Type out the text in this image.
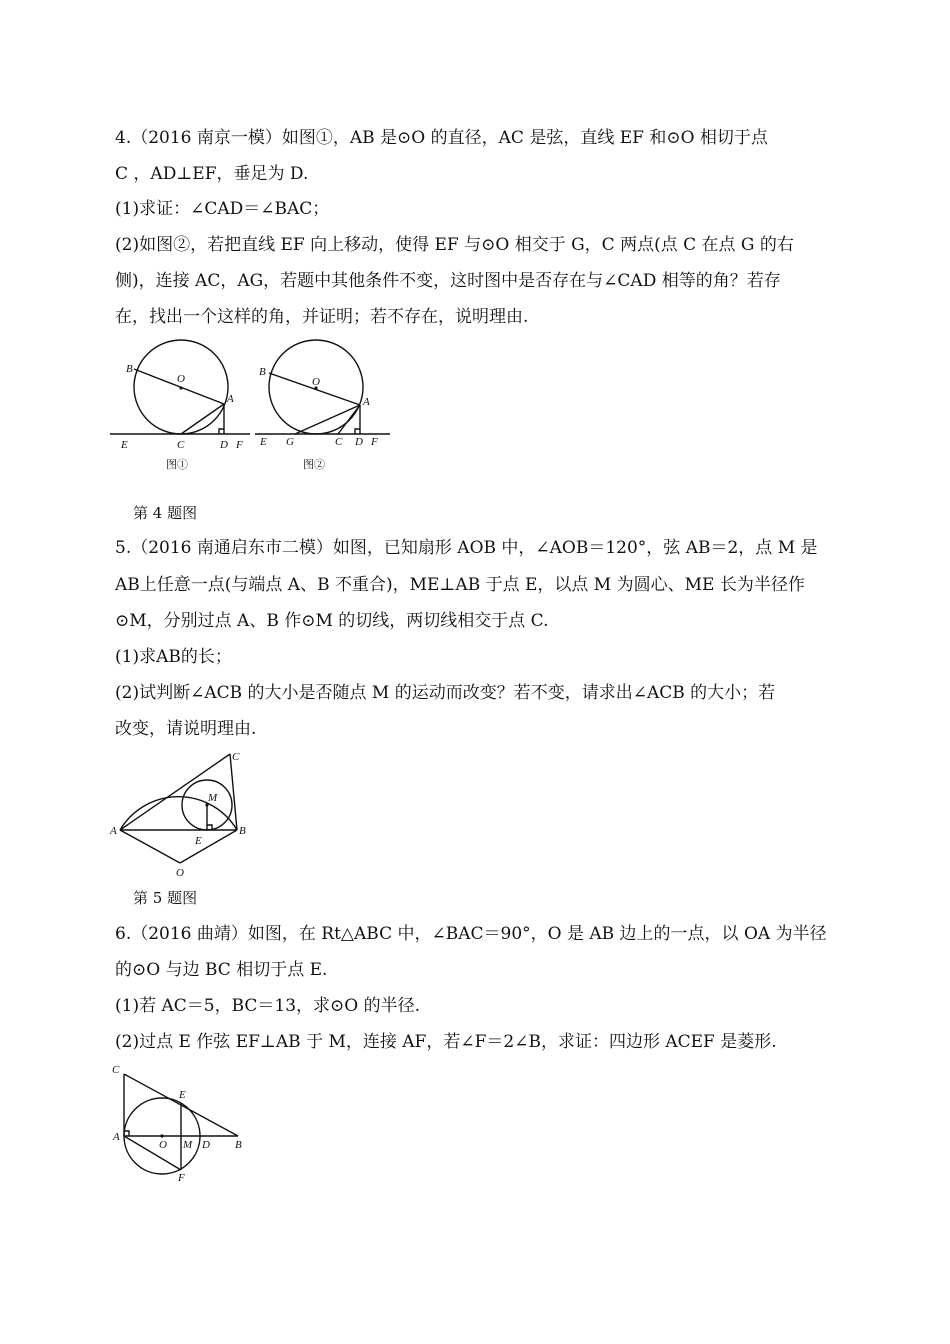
4.（2016 南京一模）如图①，AB 是⊙O 的直径，AC 是弦，直线 EF 和⊙O 相切于点
C ，AD⊥EF，垂足为 D.
(1)求证：∠CAD＝∠BAC；
(2)如图②，若把直线 EF 向上移动，使得 EF 与⊙O 相交于 G，C 两点(点 C 在点 G 的右
侧)，连接 AC，AG，若题中其他条件不变，这时图中是否存在与∠CAD 相等的角？若存
在，找出一个这样的角，并证明；若不存在，说明理由.
B
O
A
E	C	D F
图①
B
O
A
E G	C D F
图②
第 4 题图
5.（2016 南通启东市二模）如图，已知扇形 AOB 中，∠AOB＝120°，弦 AB＝2，点 M 是
AB上任意一点(与端点 A、B 不重合)，ME⊥AB 于点 E，以点 M 为圆心、ME 长为半径作
⊙M，分别过点 A、B 作⊙M 的切线，两切线相交于点 C.
(1)求AB的长；
(2)试判断∠ACB 的大小是否随点 M 的运动而改变？若不变，请求出∠ACB 的大小；若
改变，请说明理由.
C
M
A
E
B
O
第 5 题图
6.（2016 曲靖）如图，在 Rt△ABC 中，∠BAC＝90°，O 是 AB 边上的一点，以 OA 为半径
的⊙O 与边 BC 相切于点 E.
(1)若 AC＝5，BC＝13，求⊙O 的半径.
(2)过点 E 作弦 EF⊥AB 于 M，连接 AF，若∠F＝2∠B，求证：四边形 ACEF 是菱形.
C
E
A
O M D B
F
